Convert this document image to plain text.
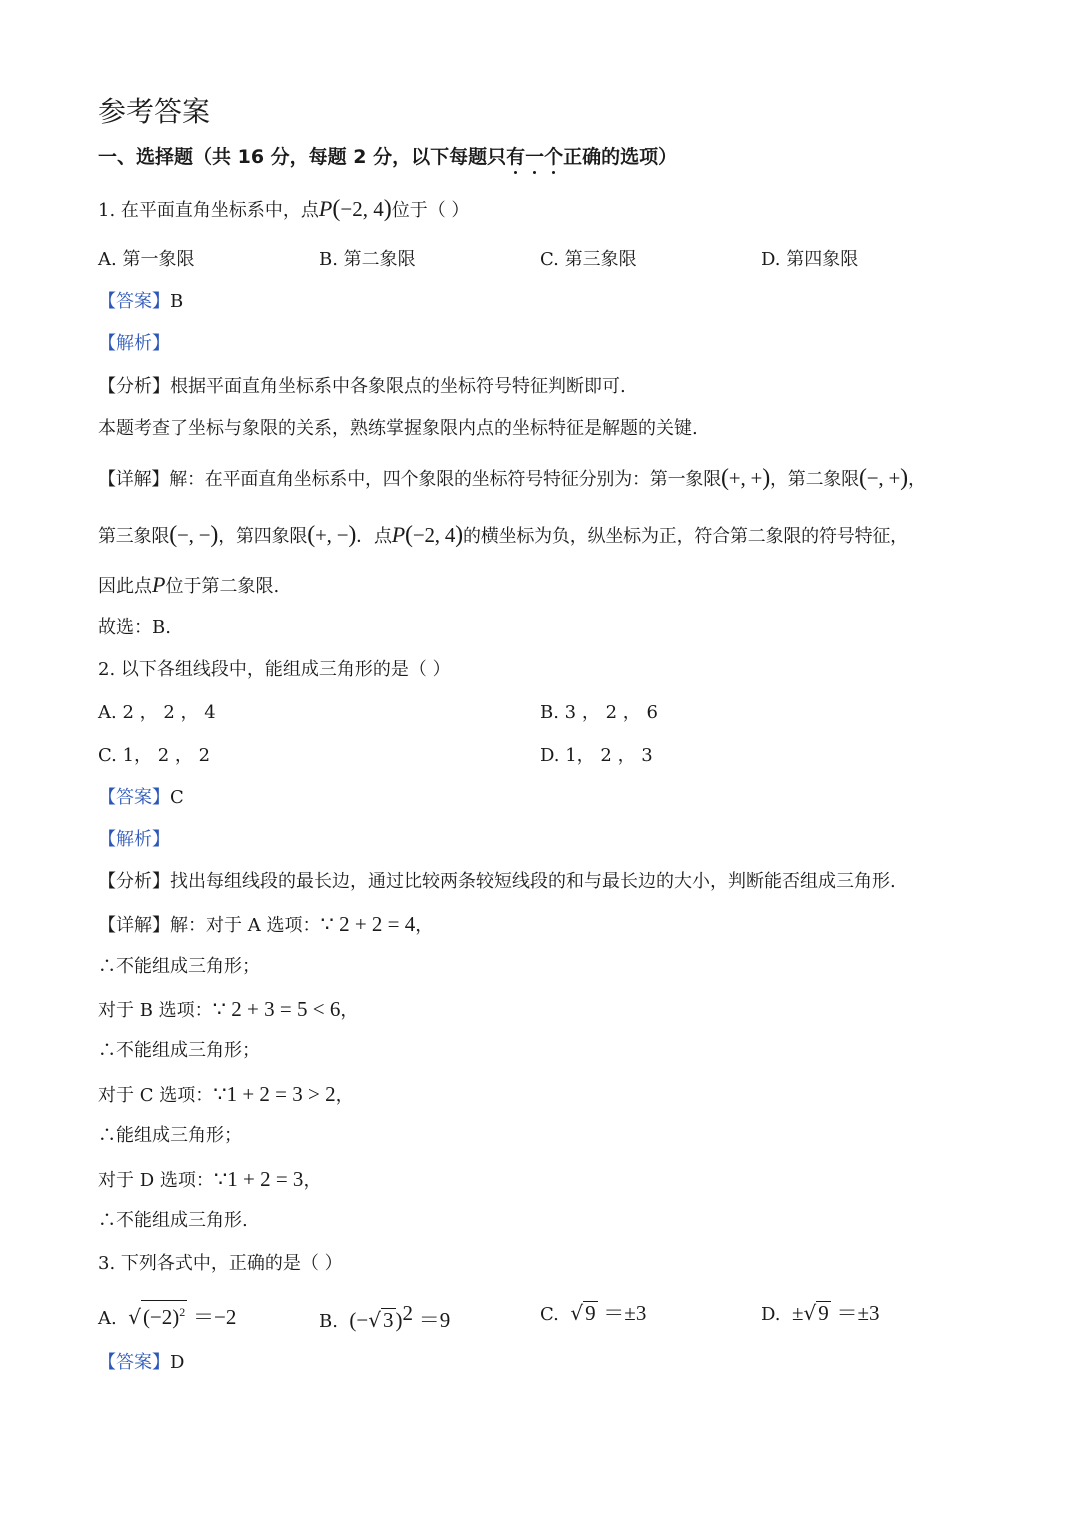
参考答案
一、选择题（共 16 分，每题 2 分，以下每题只有一个正确的选项）
1. 在平面直角坐标系中，点P(−2, 4)位于（ ）
A. 第一象限	B. 第二象限	C. 第三象限	D. 第四象限
【答案】B
【解析】
【分析】根据平面直角坐标系中各象限点的坐标符号特征判断即可.
本题考查了坐标与象限的关系，熟练掌握象限内点的坐标特征是解题的关键.
【详解】解：在平面直角坐标系中，四个象限的坐标符号特征分别为：第一象限(+, +)，第二象限(−, +)，
第三象限(−, −)，第四象限(+, −)．点P(−2, 4)的横坐标为负，纵坐标为正，符合第二象限的符号特征，
因此点P位于第二象限.
故选：B.
2. 以下各组线段中，能组成三角形的是（ ）
A. 2 ， 2 ， 4	B. 3 ， 2 ， 6
C. 1， 2 ， 2	D. 1， 2 ， 3
【答案】C
【解析】
【分析】找出每组线段的最长边，通过比较两条较短线段的和与最长边的大小，判断能否组成三角形.
【详解】解：对于 A 选项：∵ 2 + 2 = 4，
∴不能组成三角形；
对于 B 选项：∵ 2 + 3 = 5 < 6，
∴不能组成三角形；
对于 C 选项：∵1 + 2 = 3 > 2，
∴能组成三角形；
对于 D 选项：∵1 + 2 = 3，
∴不能组成三角形.
3. 下列各式中，正确的是（ ）
A. $√(-2)^2 =-2$	B. $(-√3)^2 =9$	C. √9 ＝±3	D. ±√9 ＝±3
【答案】D
